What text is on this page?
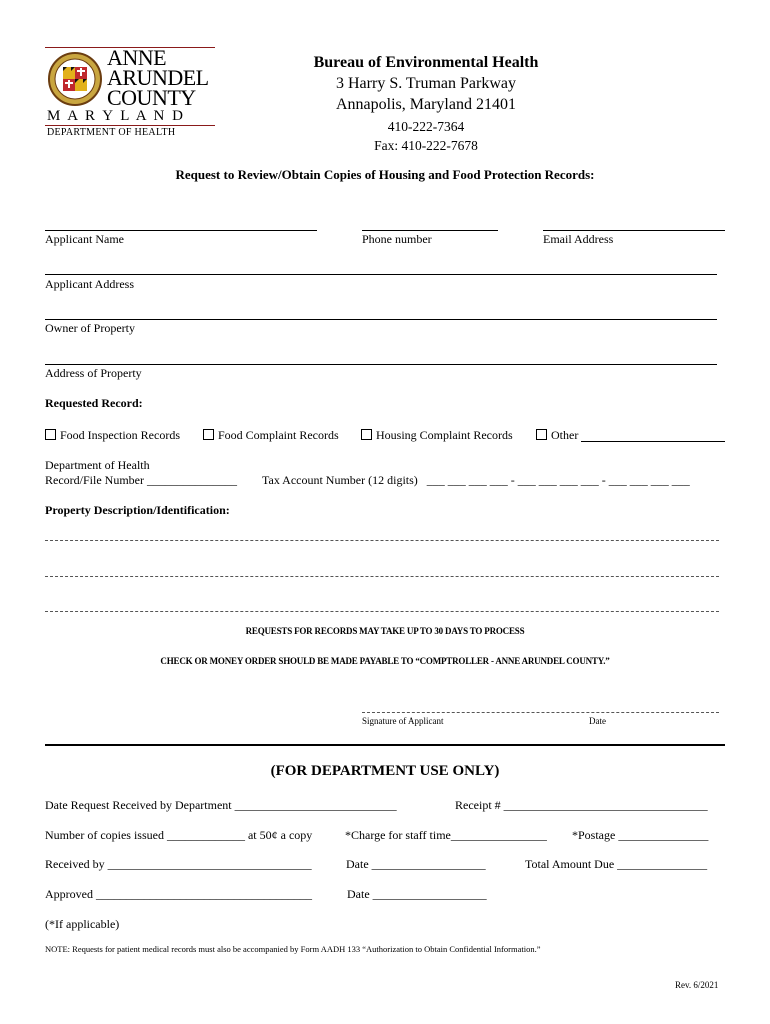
ANNE
ARUNDEL
COUNTY
M A R Y L A N D
DEPARTMENT OF HEALTH
Bureau of Environmental Health
3 Harry S. Truman Parkway
Annapolis, Maryland 21401
410-222-7364
Fax: 410-222-7678
Request to Review/Obtain Copies of Housing and Food Protection Records:
Applicant Name	Phone number	Email Address
Applicant Address
Owner of Property
Address of Property
Requested Record:
Food Inspection Records	Food Complaint Records	Housing Complaint Records	Other
Department of Health
Record/File Number _______________ Tax Account Number (12 digits)   ___ ___ ___ ___ - ___ ___ ___ ___ - ___ ___ ___ ___
Property Description/Identification:
REQUESTS FOR RECORDS MAY TAKE UP TO 30 DAYS TO PROCESS
CHECK OR MONEY ORDER SHOULD BE MADE PAYABLE TO “COMPTROLLER - ANNE ARUNDEL COUNTY.”
Signature of Applicant	Date
(FOR DEPARTMENT USE ONLY)
Date Request Received by Department ___________________________	Receipt # __________________________________
Number of copies issued _____________ at 50¢ a copy	*Charge for staff time________________ *Postage _______________
Received by __________________________________	Date ___________________	Total Amount Due _______________
Approved ____________________________________	Date ___________________
(*If applicable)
NOTE: Requests for patient medical records must also be accompanied by Form AADH 133 “Authorization to Obtain Confidential Information.”
Rev. 6/2021
